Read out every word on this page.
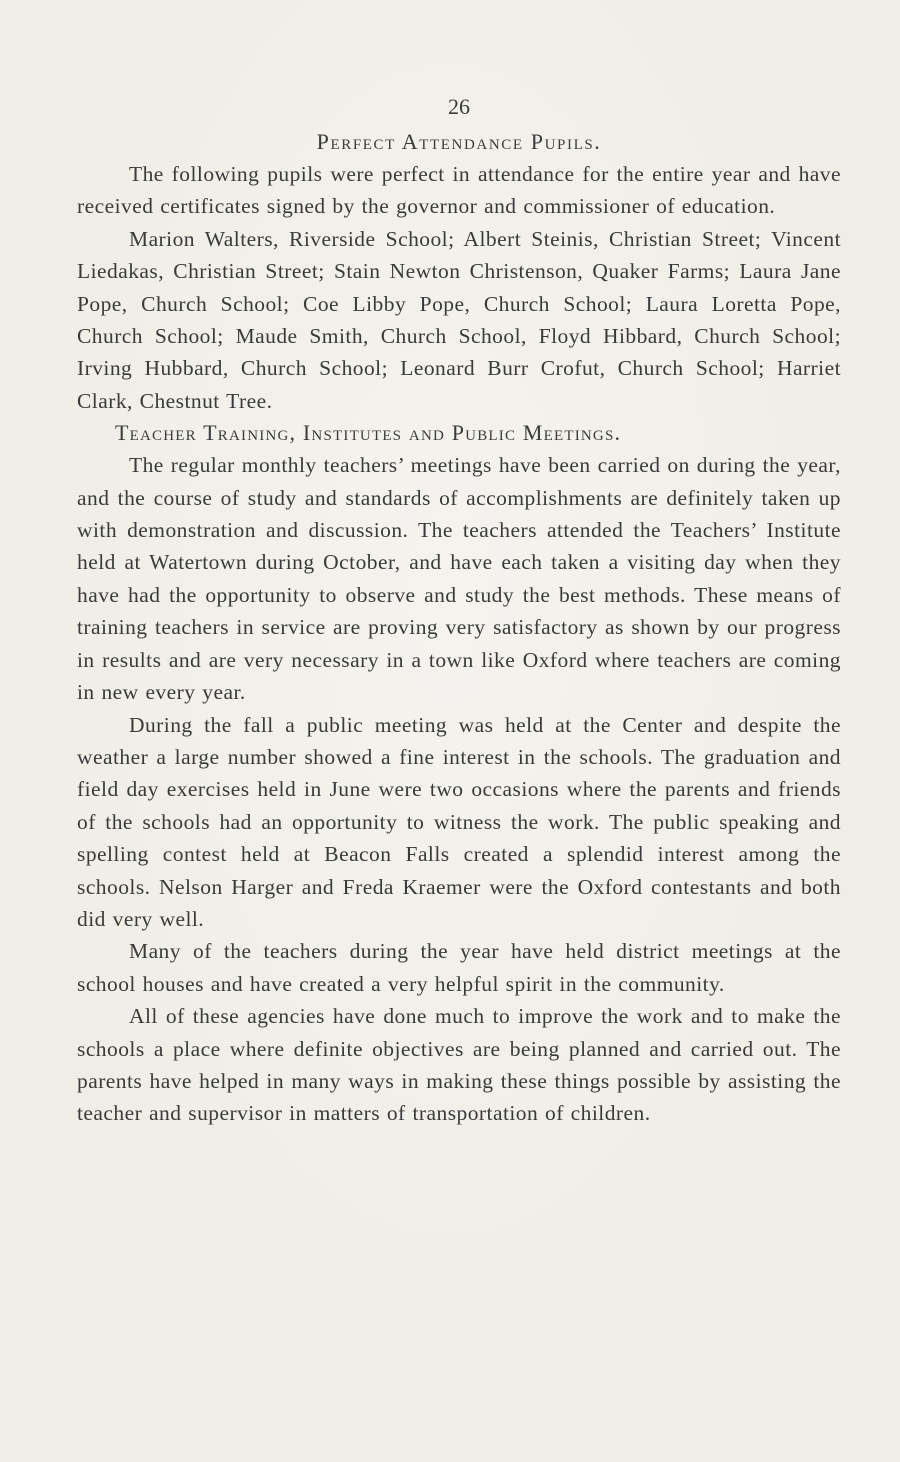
26
Perfect Attendance Pupils.

The following pupils were perfect in attendance for the entire year and have received certificates signed by the governor and commissioner of education.

Marion Walters, Riverside School; Albert Steinis, Christian Street; Vincent Liedakas, Christian Street; Stain Newton Christenson, Quaker Farms; Laura Jane Pope, Church School; Coe Libby Pope, Church School; Laura Loretta Pope, Church School; Maude Smith, Church School, Floyd Hibbard, Church School; Irving Hubbard, Church School; Leonard Burr Crofut, Church School; Harriet Clark, Chestnut Tree.

Teacher Training, Institutes and Public Meetings.

The regular monthly teachers’ meetings have been carried on during the year, and the course of study and standards of accomplishments are definitely taken up with demonstration and discussion. The teachers attended the Teachers’ Institute held at Watertown during October, and have each taken a visiting day when they have had the opportunity to observe and study the best methods. These means of training teachers in service are proving very satisfactory as shown by our progress in results and are very necessary in a town like Oxford where teachers are coming in new every year.

During the fall a public meeting was held at the Center and despite the weather a large number showed a fine interest in the schools. The graduation and field day exercises held in June were two occasions where the parents and friends of the schools had an opportunity to witness the work. The public speaking and spelling contest held at Beacon Falls created a splendid interest among the schools. Nelson Harger and Freda Kraemer were the Oxford contestants and both did very well.

Many of the teachers during the year have held district meetings at the school houses and have created a very helpful spirit in the community.

All of these agencies have done much to improve the work and to make the schools a place where definite objectives are being planned and carried out. The parents have helped in many ways in making these things possible by assisting the teacher and supervisor in matters of transportation of children.
